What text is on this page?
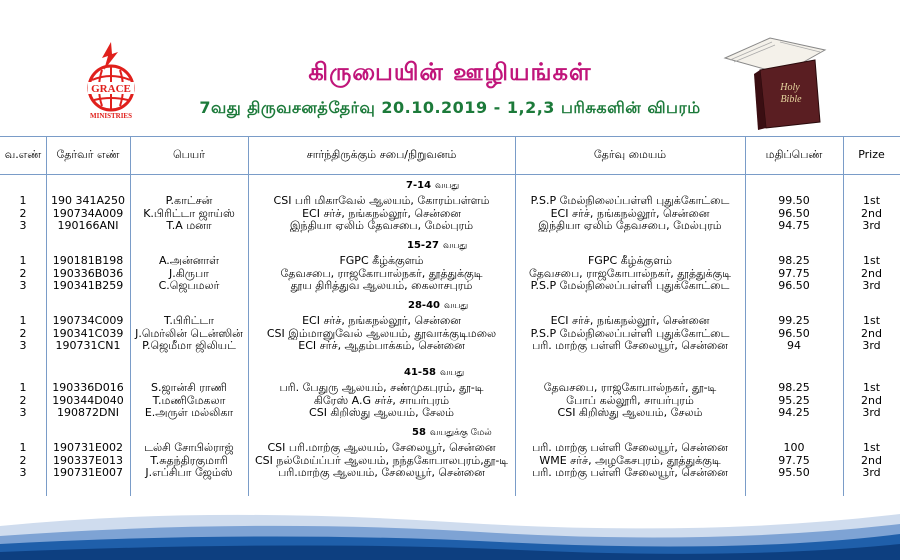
GRACE
MINISTRIES
கிருபையின் ஊழியங்கள்
7வது திருவசனத்தேர்வு 20.10.2019 - 1,2,3 பரிசுகளின் விபரம்
Holy
Bible
வ.எண்	தேர்வர் எண்	பெயர்	சார்ந்திருக்கும் சபை/நிறுவனம்	தேர்வு மையம்	மதிப்பெண்	Prize
7-14 வயது
1	190 341A250	P.காட்சன்	CSI பரி மிகாவேல் ஆலயம், கோரம்பள்ளம்	P.S.P மேல்நிலைப்பள்ளி புதுக்கோட்டை	99.50	1st
2	190734A009	K.பிரிட்டா ஜாய்ஸ்	ECI சர்ச், நங்கநல்லூர், சென்னை	ECI சர்ச், நங்கநல்லூர், சென்னை	96.50	2nd
3	190166ANI	T.A மனா	இந்தியா ஏலிம் தேவசபை, மேல்புரம்	இந்தியா ஏலிம் தேவசபை, மேல்புரம்	94.75	3rd
15-27 வயது
1	190181B198	A.அன்னாள்	FGPC கீழ்க்குளம்	FGPC கீழ்க்குளம்	98.25	1st
2	190336B036	J.கிருபா	தேவசபை, ராஜகோபால்நகர், தூத்துக்குடி	தேவசபை, ராஜகோபால்நகர், தூத்துக்குடி	97.75	2nd
3	190341B259	C.ஜெபமலர்	தூய திரித்துவ ஆலயம், கைலாசபுரம்	P.S.P மேல்நிலைப்பள்ளி புதுக்கோட்டை	96.50	3rd
28-40 வயது
1	190734C009	T.பிரிட்டா	ECI சர்ச், நங்கநல்லூர், சென்னை	ECI சர்ச், நங்கநல்லூர், சென்னை	99.25	1st
2	190341C039	J.மெர்லின் டென்ஸின்	CSI இம்மானுவேல் ஆலயம், தூவாக்குடிமலை	P.S.P மேல்நிலைப்பள்ளி புதுக்கோட்டை	96.50	2nd
3	190731CN1	P.ஜெமீமா ஜிலியட்	ECI சர்ச், ஆதம்பாக்கம், சென்னை	பரி. மாற்கு பள்ளி சேலையூர், சென்னை	94	3rd
41-58 வயது
1	190336D016	S.ஜான்சி ராணி	பரி. பேதுரு ஆலயம், சண்முகபுரம், தூ-டி	தேவசபை, ராஜகோபால்நகர், தூ-டி	98.25	1st
2	190344D040	T.மணிமேகலா	கிரேஸ் A.G சர்ச், சாயர்புரம்	போப் கல்லூரி, சாயர்புரம்	95.25	2nd
3	190872DNI	E.அருள் மல்லிகா	CSI கிறிஸ்து ஆலயம், சேலம்	CSI கிறிஸ்து ஆலயம், சேலம்	94.25	3rd
58 வயதுக்கு மேல்
1	190731E002	டல்சி சோபில்ராஜ்	CSI பரி.மாற்கு ஆலயம், சேலையூர், சென்னை	பரி. மாற்கு பள்ளி சேலையூர், சென்னை	100	1st
2	190337E013	T.சுதந்திரகுமாரி	CSI நல்மேய்ப்பர் ஆலயம், நந்தகோபாலபுரம்,தூ-டி	WME சர்ச், அழகேசபுரம், தூத்துக்குடி	97.75	2nd
3	190731E007	J.எப்சிபா ஜேம்ஸ்	பரி.மாற்கு ஆலயம், சேலையூர், சென்னை	பரி. மாற்கு பள்ளி சேலையூர், சென்னை	95.50	3rd
